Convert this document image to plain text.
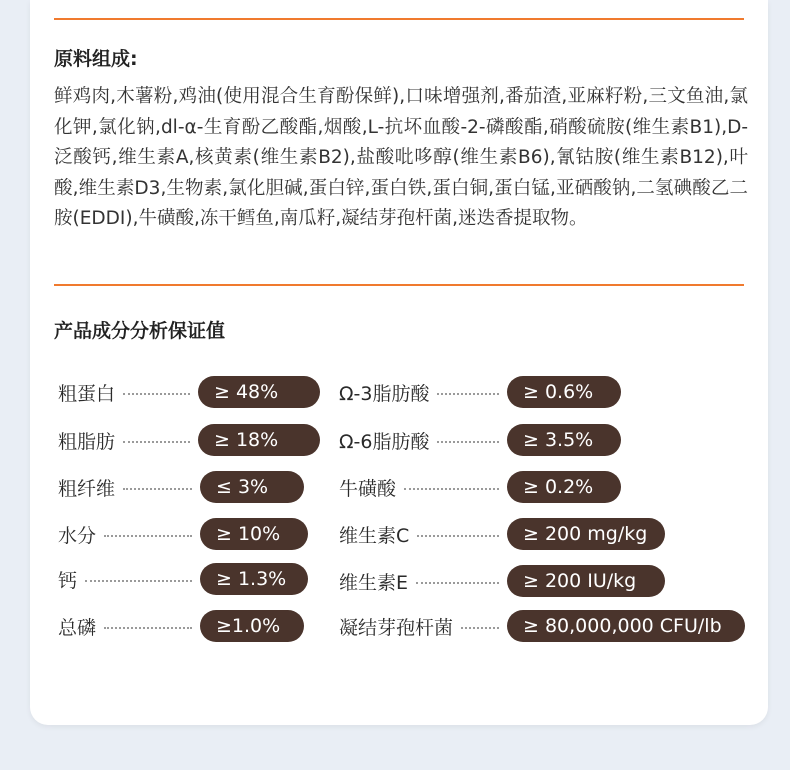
原料组成:
鲜鸡肉,木薯粉,鸡油(使用混合生育酚保鲜),口味增强剂,番茄渣,亚麻籽粉,三文鱼油,氯化钾,氯化钠,dl-α-生育酚乙酸酯,烟酸,L-抗坏血酸-2-磷酸酯,硝酸硫胺(维生素B1),D-泛酸钙,维生素A,核黄素(维生素B2),盐酸吡哆醇(维生素B6),氰钴胺(维生素B12),叶酸,维生素D3,生物素,氯化胆碱,蛋白锌,蛋白铁,蛋白铜,蛋白锰,亚硒酸钠,二氢碘酸乙二胺(EDDI),牛磺酸,冻干鳕鱼,南瓜籽,凝结芽孢杆菌,迷迭香提取物。
产品成分分析保证值
粗蛋白	≥ 48%
粗脂肪	≥ 18%
粗纤维	≤ 3%
水分	≥ 10%
钙	≥ 1.3%
总磷	≥1.0%
Ω-3脂肪酸	≥ 0.6%
Ω-6脂肪酸	≥ 3.5%
牛磺酸	≥ 0.2%
维生素C	≥ 200 mg/kg
维生素E	≥ 200 IU/kg
凝结芽孢杆菌	≥ 80,000,000 CFU/lb
